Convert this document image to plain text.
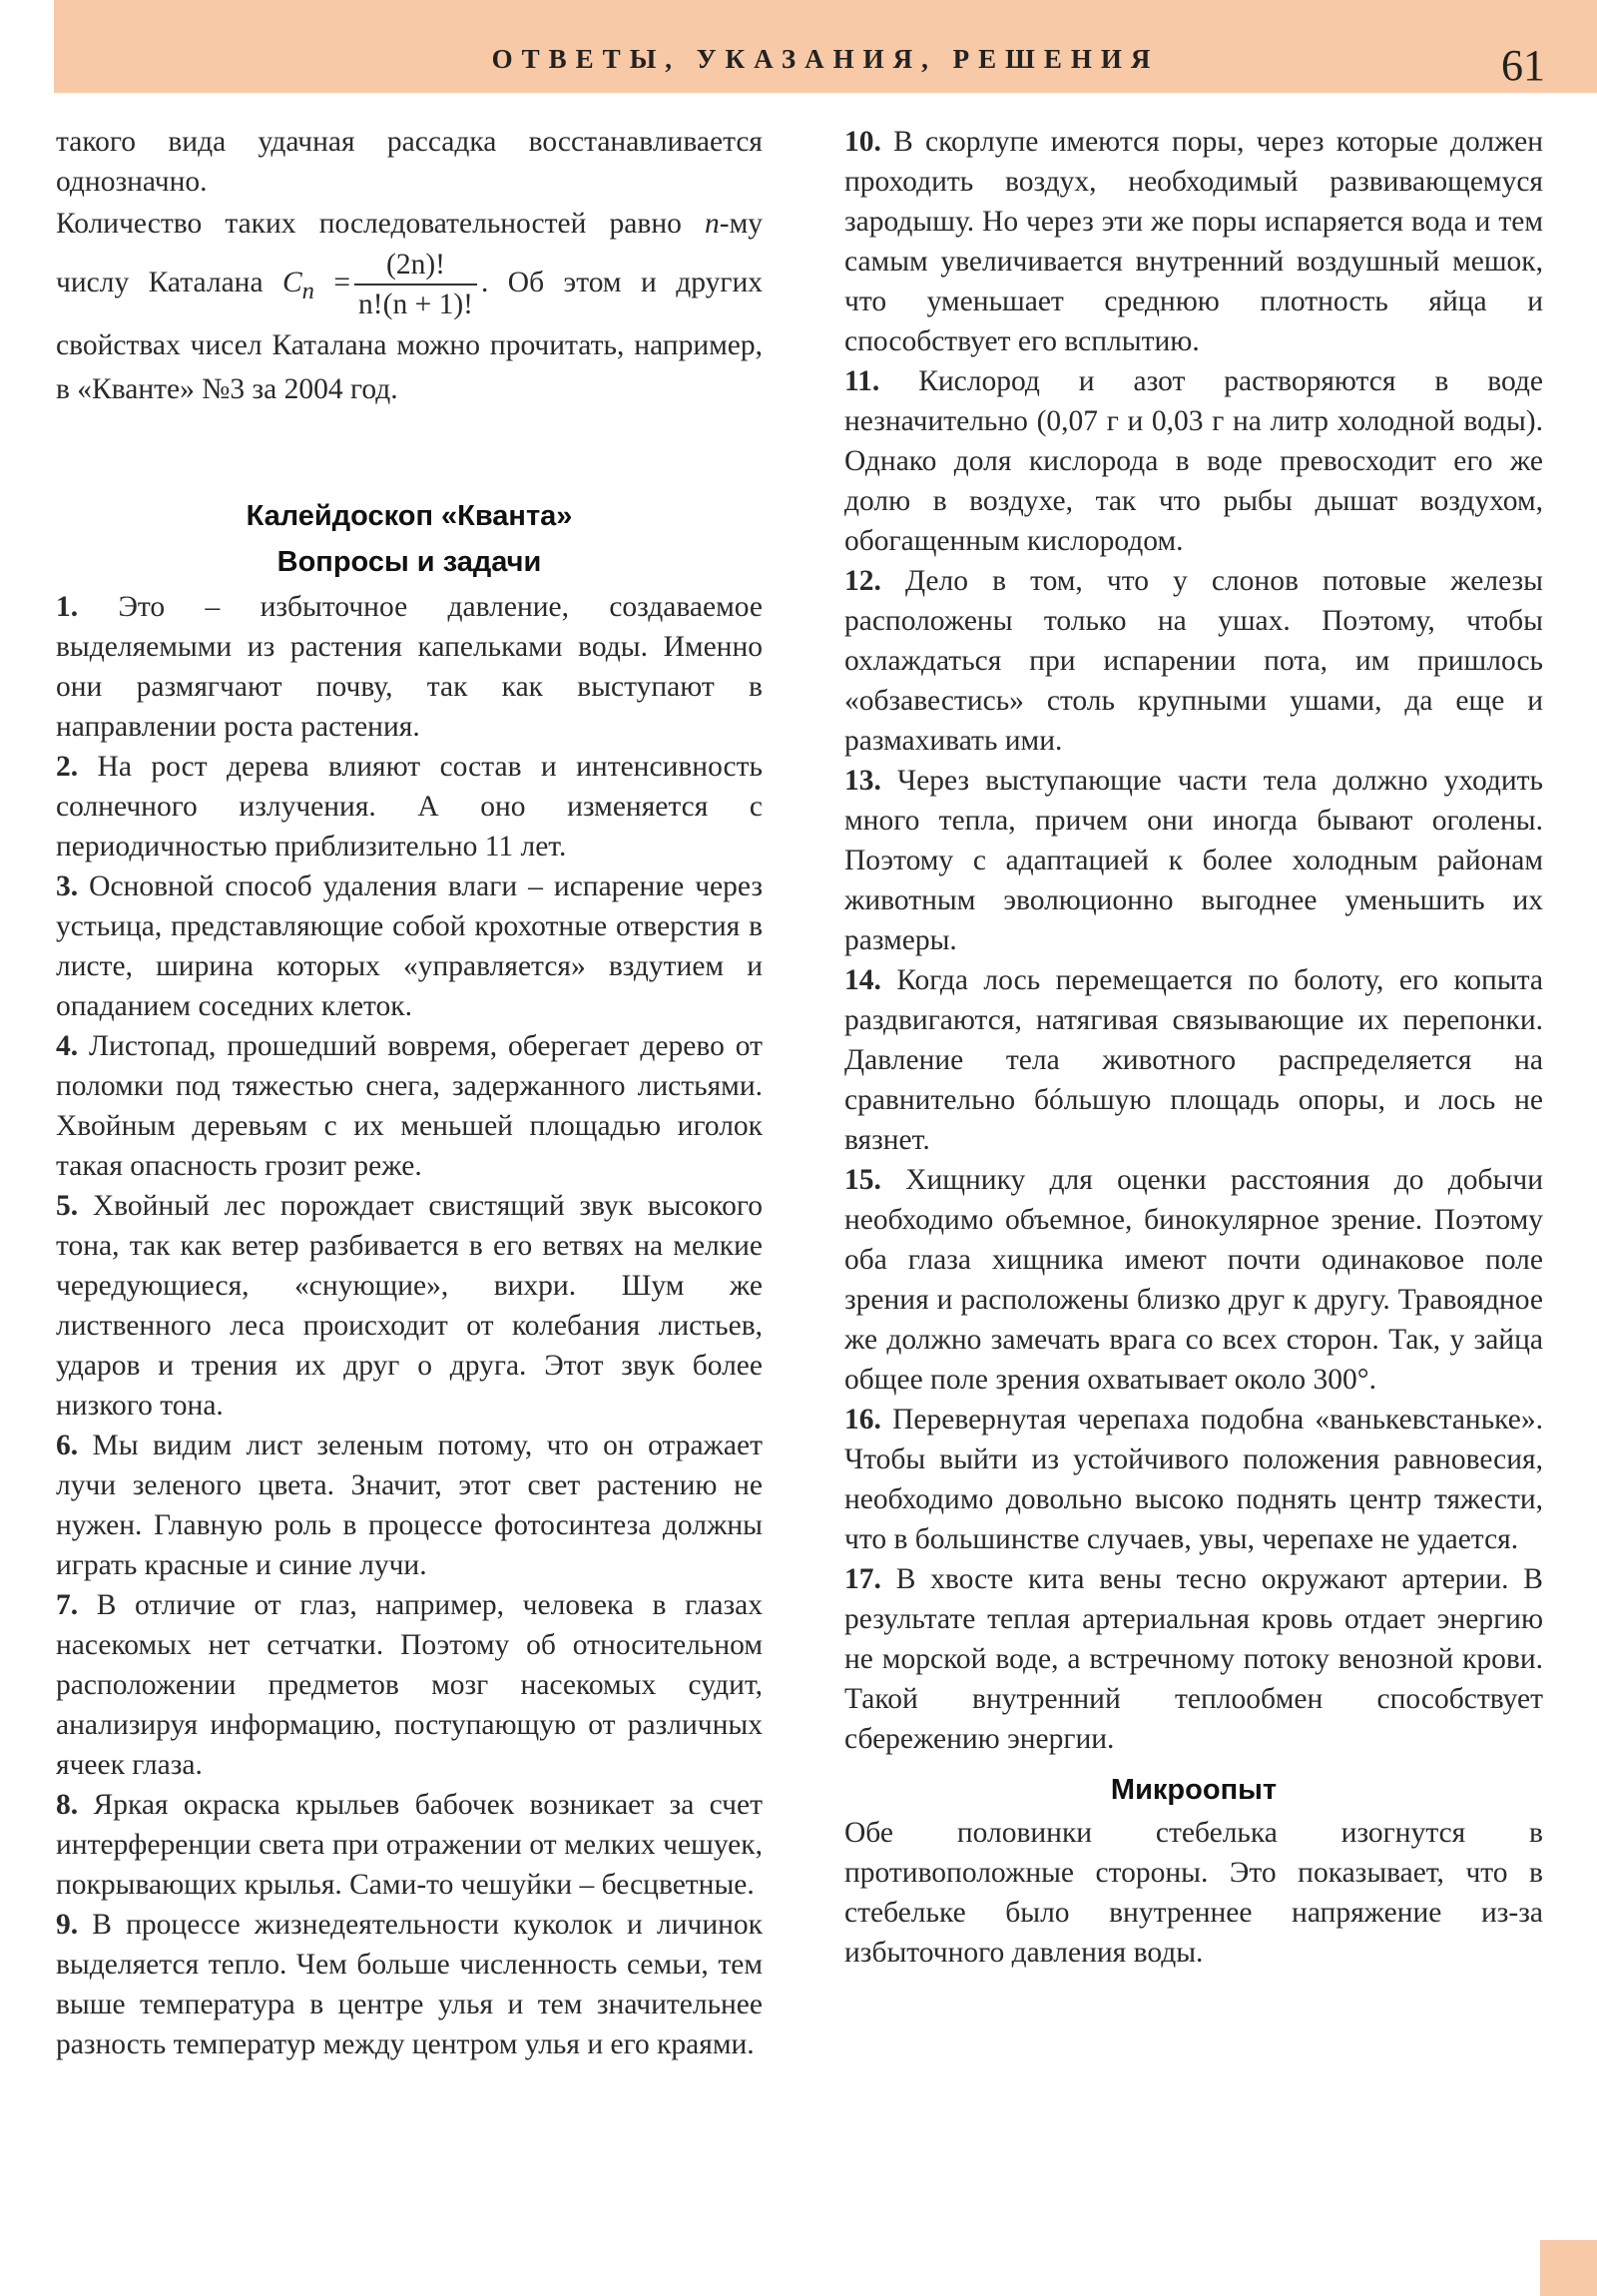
ОТВЕТЫ, УКАЗАНИЯ, РЕШЕНИЯ	61

такого вида удачная рассадка восстанавливается однозначно.

Количество таких последовательностей равно n-му числу Каталана $C_n = \frac{(2n)!}{n!(n + 1)!}$ . Об этом и других свойствах чисел Каталана можно прочитать, например, в «Кванте» №3 за 2004 год.

Калейдоскоп «Кванта»
Вопросы и задачи

1. Это – избыточное давление, создаваемое выделяемыми из растения капельками воды. Именно они размягчают почву, так как выступают в направлении роста растения.

2. На рост дерева влияют состав и интенсивность солнечного излучения. А оно изменяется с периодичностью приблизительно 11 лет.

3. Основной способ удаления влаги – испарение через устьица, представляющие собой крохотные отверстия в листе, ширина которых «управляется» вздутием и опаданием соседних клеток.

4. Листопад, прошедший вовремя, оберегает дерево от поломки под тяжестью снега, задержанного листьями. Хвойным деревьям с их меньшей площадью иголок такая опасность грозит реже.

5. Хвойный лес порождает свистящий звук высокого тона, так как ветер разбивается в его ветвях на мелкие чередующиеся, «снующие», вихри. Шум же лиственного леса происходит от колебания листьев, ударов и трения их друг о друга. Этот звук более низкого тона.

6. Мы видим лист зеленым потому, что он отражает лучи зеленого цвета. Значит, этот свет растению не нужен. Главную роль в процессе фотосинтеза должны играть красные и синие лучи.

7. В отличие от глаз, например, человека в глазах насекомых нет сетчатки. Поэтому об относительном расположении предметов мозг насекомых судит, анализируя информацию, поступающую от различных ячеек глаза.

8. Яркая окраска крыльев бабочек возникает за счет интерференции света при отражении от мелких чешуек, покрывающих крылья. Сами-то чешуйки – бесцветные.

9. В процессе жизнедеятельности куколок и личинок выделяется тепло. Чем больше численность семьи, тем выше температура в центре улья и тем значительнее разность температур между центром улья и его краями.

10. В скорлупе имеются поры, через которые должен проходить воздух, необходимый развивающемуся зародышу. Но через эти же поры испаряется вода и тем самым увеличивается внутренний воздушный мешок, что уменьшает среднюю плотность яйца и способствует его всплытию.

11. Кислород и азот растворяются в воде незначительно (0,07 г и 0,03 г на литр холодной воды). Однако доля кислорода в воде превосходит его же долю в воздухе, так что рыбы дышат воздухом, обогащенным кислородом.

12. Дело в том, что у слонов потовые железы расположены только на ушах. Поэтому, чтобы охлаждаться при испарении пота, им пришлось «обзавестись» столь крупными ушами, да еще и размахивать ими.

13. Через выступающие части тела должно уходить много тепла, причем они иногда бывают оголены. Поэтому с адаптацией к более холодным районам животным эволюционно выгоднее уменьшить их размеры.

14. Когда лось перемещается по болоту, его копыта раздвигаются, натягивая связывающие их перепонки. Давление тела животного распределяется на сравнительно бóльшую площадь опоры, и лось не вязнет.

15. Хищнику для оценки расстояния до добычи необходимо объемное, бинокулярное зрение. Поэтому оба глаза хищника имеют почти одинаковое поле зрения и расположены близко друг к другу. Травоядное же должно замечать врага со всех сторон. Так, у зайца общее поле зрения охватывает около 300°.

16. Перевернутая черепаха подобна «ванькевстаньке». Чтобы выйти из устойчивого положения равновесия, необходимо довольно высоко поднять центр тяжести, что в большинстве случаев, увы, черепахе не удается.

17. В хвосте кита вены тесно окружают артерии. В результате теплая артериальная кровь отдает энергию не морской воде, а встречному потоку венозной крови. Такой внутренний теплообмен способствует сбережению энергии.

Микроопыт

Обе половинки стебелька изогнутся в противоположные стороны. Это показывает, что в стебельке было внутреннее напряжение из-за избыточного давления воды.
